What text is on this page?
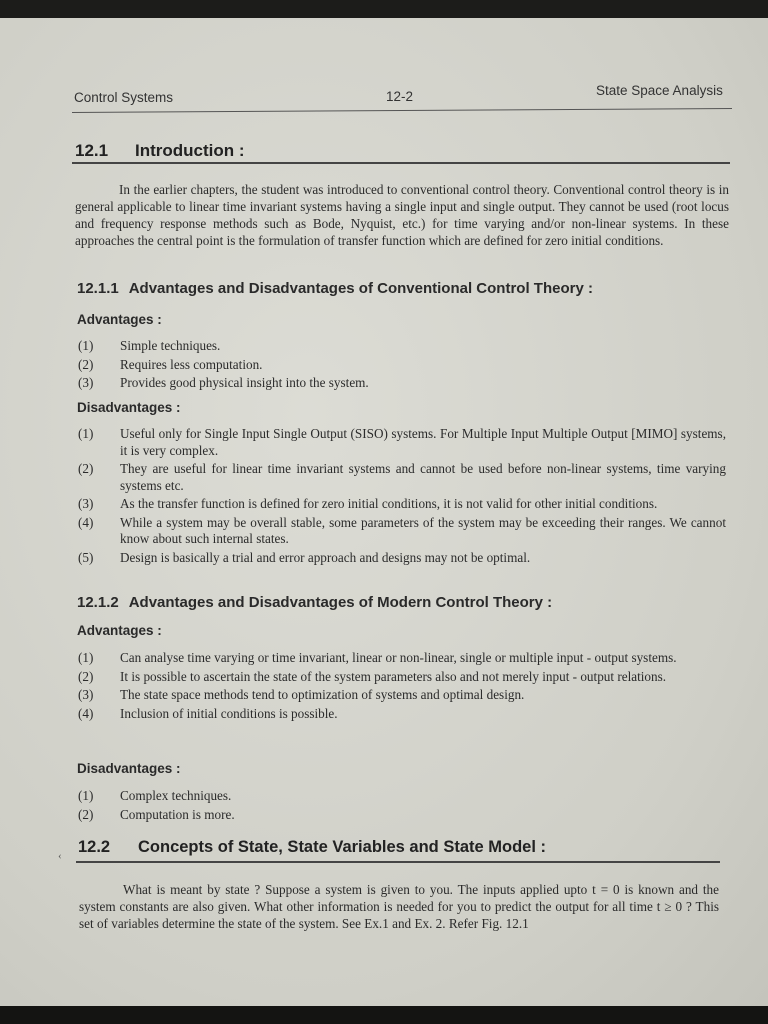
Control Systems	12-2	State Space Analysis
12.1 Introduction :
In the earlier chapters, the student was introduced to conventional control theory. Conventional control theory is in general applicable to linear time invariant systems having a single input and single output. They cannot be used (root locus and frequency response methods such as Bode, Nyquist, etc.) for time varying and/or non-linear systems. In these approaches the central point is the formulation of transfer function which are defined for zero initial conditions.
12.1.1 Advantages and Disadvantages of Conventional Control Theory :
Advantages :
(1)	Simple techniques.
(2)	Requires less computation.
(3)	Provides good physical insight into the system.
Disadvantages :
(1)	Useful only for Single Input Single Output (SISO) systems. For Multiple Input Multiple Output [MIMO] systems, it is very complex.
(2)	They are useful for linear time invariant systems and cannot be used before non-linear systems, time varying systems etc.
(3)	As the transfer function is defined for zero initial conditions, it is not valid for other initial conditions.
(4)	While a system may be overall stable, some parameters of the system may be exceeding their ranges. We cannot know about such internal states.
(5)	Design is basically a trial and error approach and designs may not be optimal.
12.1.2 Advantages and Disadvantages of Modern Control Theory :
Advantages :
(1)	Can analyse time varying or time invariant, linear or non-linear, single or multiple input - output systems.
(2)	It is possible to ascertain the state of the system parameters also and not merely input - output relations.
(3)	The state space methods tend to optimization of systems and optimal design.
(4)	Inclusion of initial conditions is possible.
Disadvantages :
(1)	Complex techniques.
(2)	Computation is more.
‹ 12.2 Concepts of State, State Variables and State Model :
What is meant by state ? Suppose a system is given to you. The inputs applied upto t = 0 is known and the system constants are also given. What other information is needed for you to predict the output for all time t ≥ 0 ? This set of variables determine the state of the system. See Ex.1 and Ex. 2. Refer Fig. 12.1
